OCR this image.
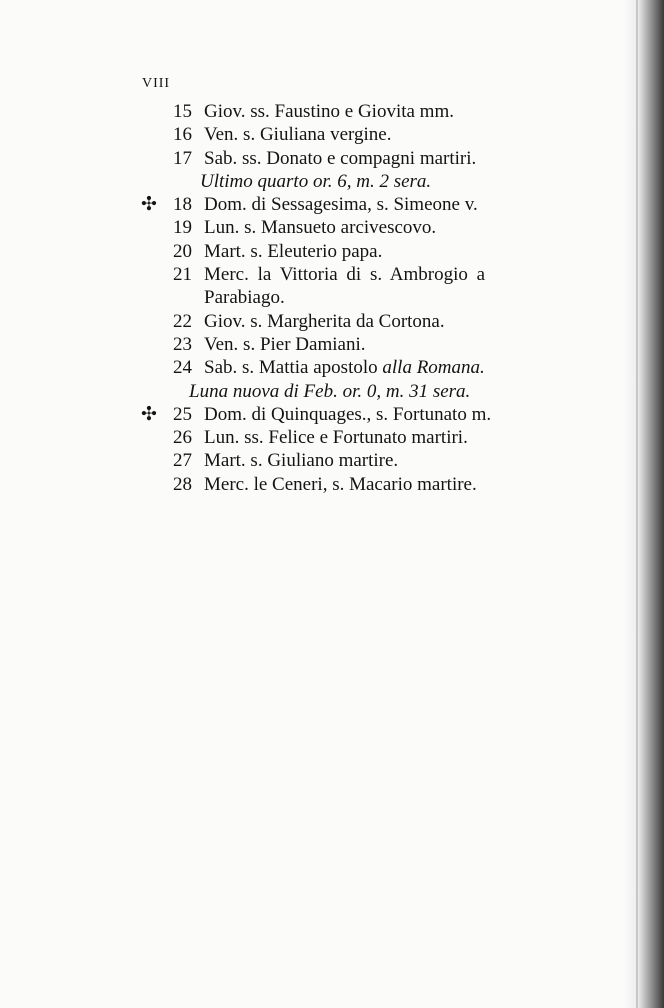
VIII
15 Giov. ss. Faustino e Giovita mm.
16 Ven. s. Giuliana vergine.
17 Sab. ss. Donato e compagni martiri.
Ultimo quarto or. 6, m. 2 sera.
✣ 18 Dom. di Sessagesima, s. Simeone v.
19 Lun. s. Mansueto arcivescovo.
20 Mart. s. Eleuterio papa.
21 Merc. la Vittoria di s. Ambrogio a
Parabiago.
22 Giov. s. Margherita da Cortona.
23 Ven. s. Pier Damiani.
24 Sab. s. Mattia apostolo alla Romana.
Luna nuova di Feb. or. 0, m. 31 sera.
✣ 25 Dom. di Quinquages., s. Fortunato m.
26 Lun. ss. Felice e Fortunato martiri.
27 Mart. s. Giuliano martire.
28 Merc. le Ceneri, s. Macario martire.
